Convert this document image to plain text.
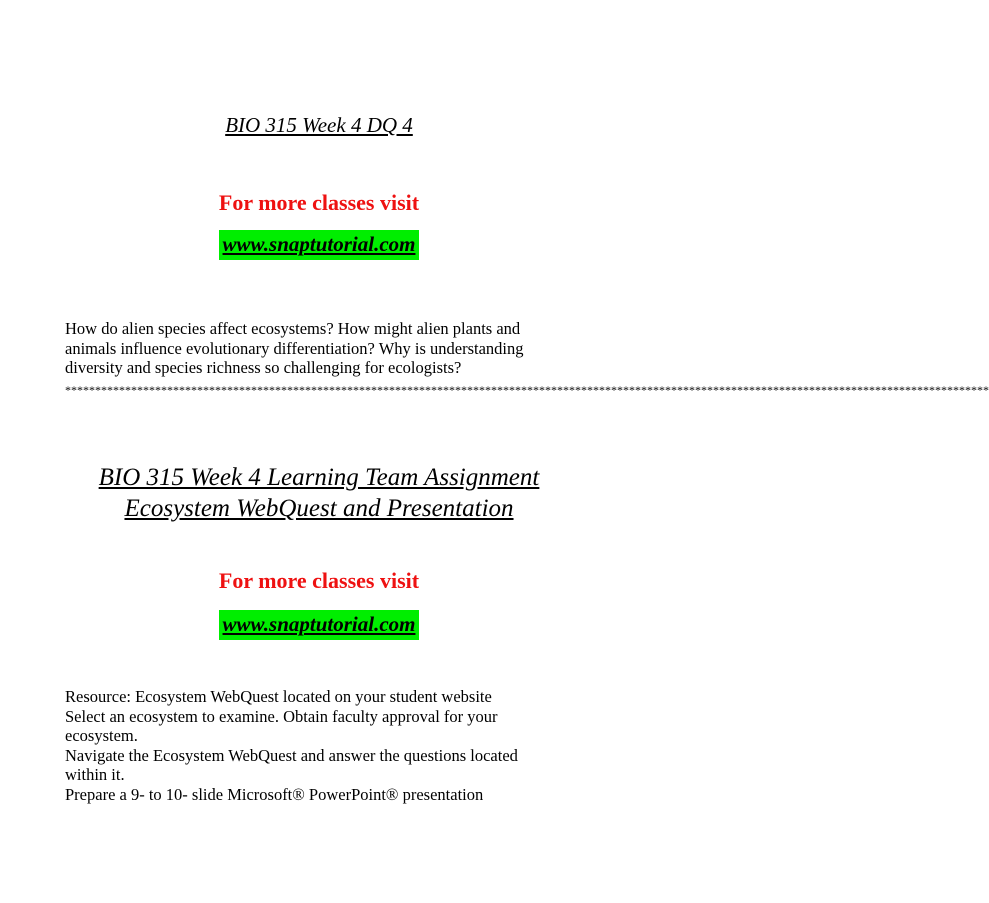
BIO 315 Week 4 DQ 4
For more classes visit
www.snaptutorial.com

How do alien species affect ecosystems? How might alien plants and

animals influence evolutionary differentiation? Why is understanding

diversity and species richness so challenging for ecologists?

**********************************************************************************************************************************************************
BIO 315 Week 4 Learning Team Assignment
Ecosystem WebQuest and Presentation
For more classes visit
www.snaptutorial.com

Resource: Ecosystem WebQuest located on your student website

Select an ecosystem to examine. Obtain faculty approval for your

ecosystem.

Navigate the Ecosystem WebQuest and answer the questions located

within it.

Prepare a 9- to 10- slide Microsoft® PowerPoint® presentation
